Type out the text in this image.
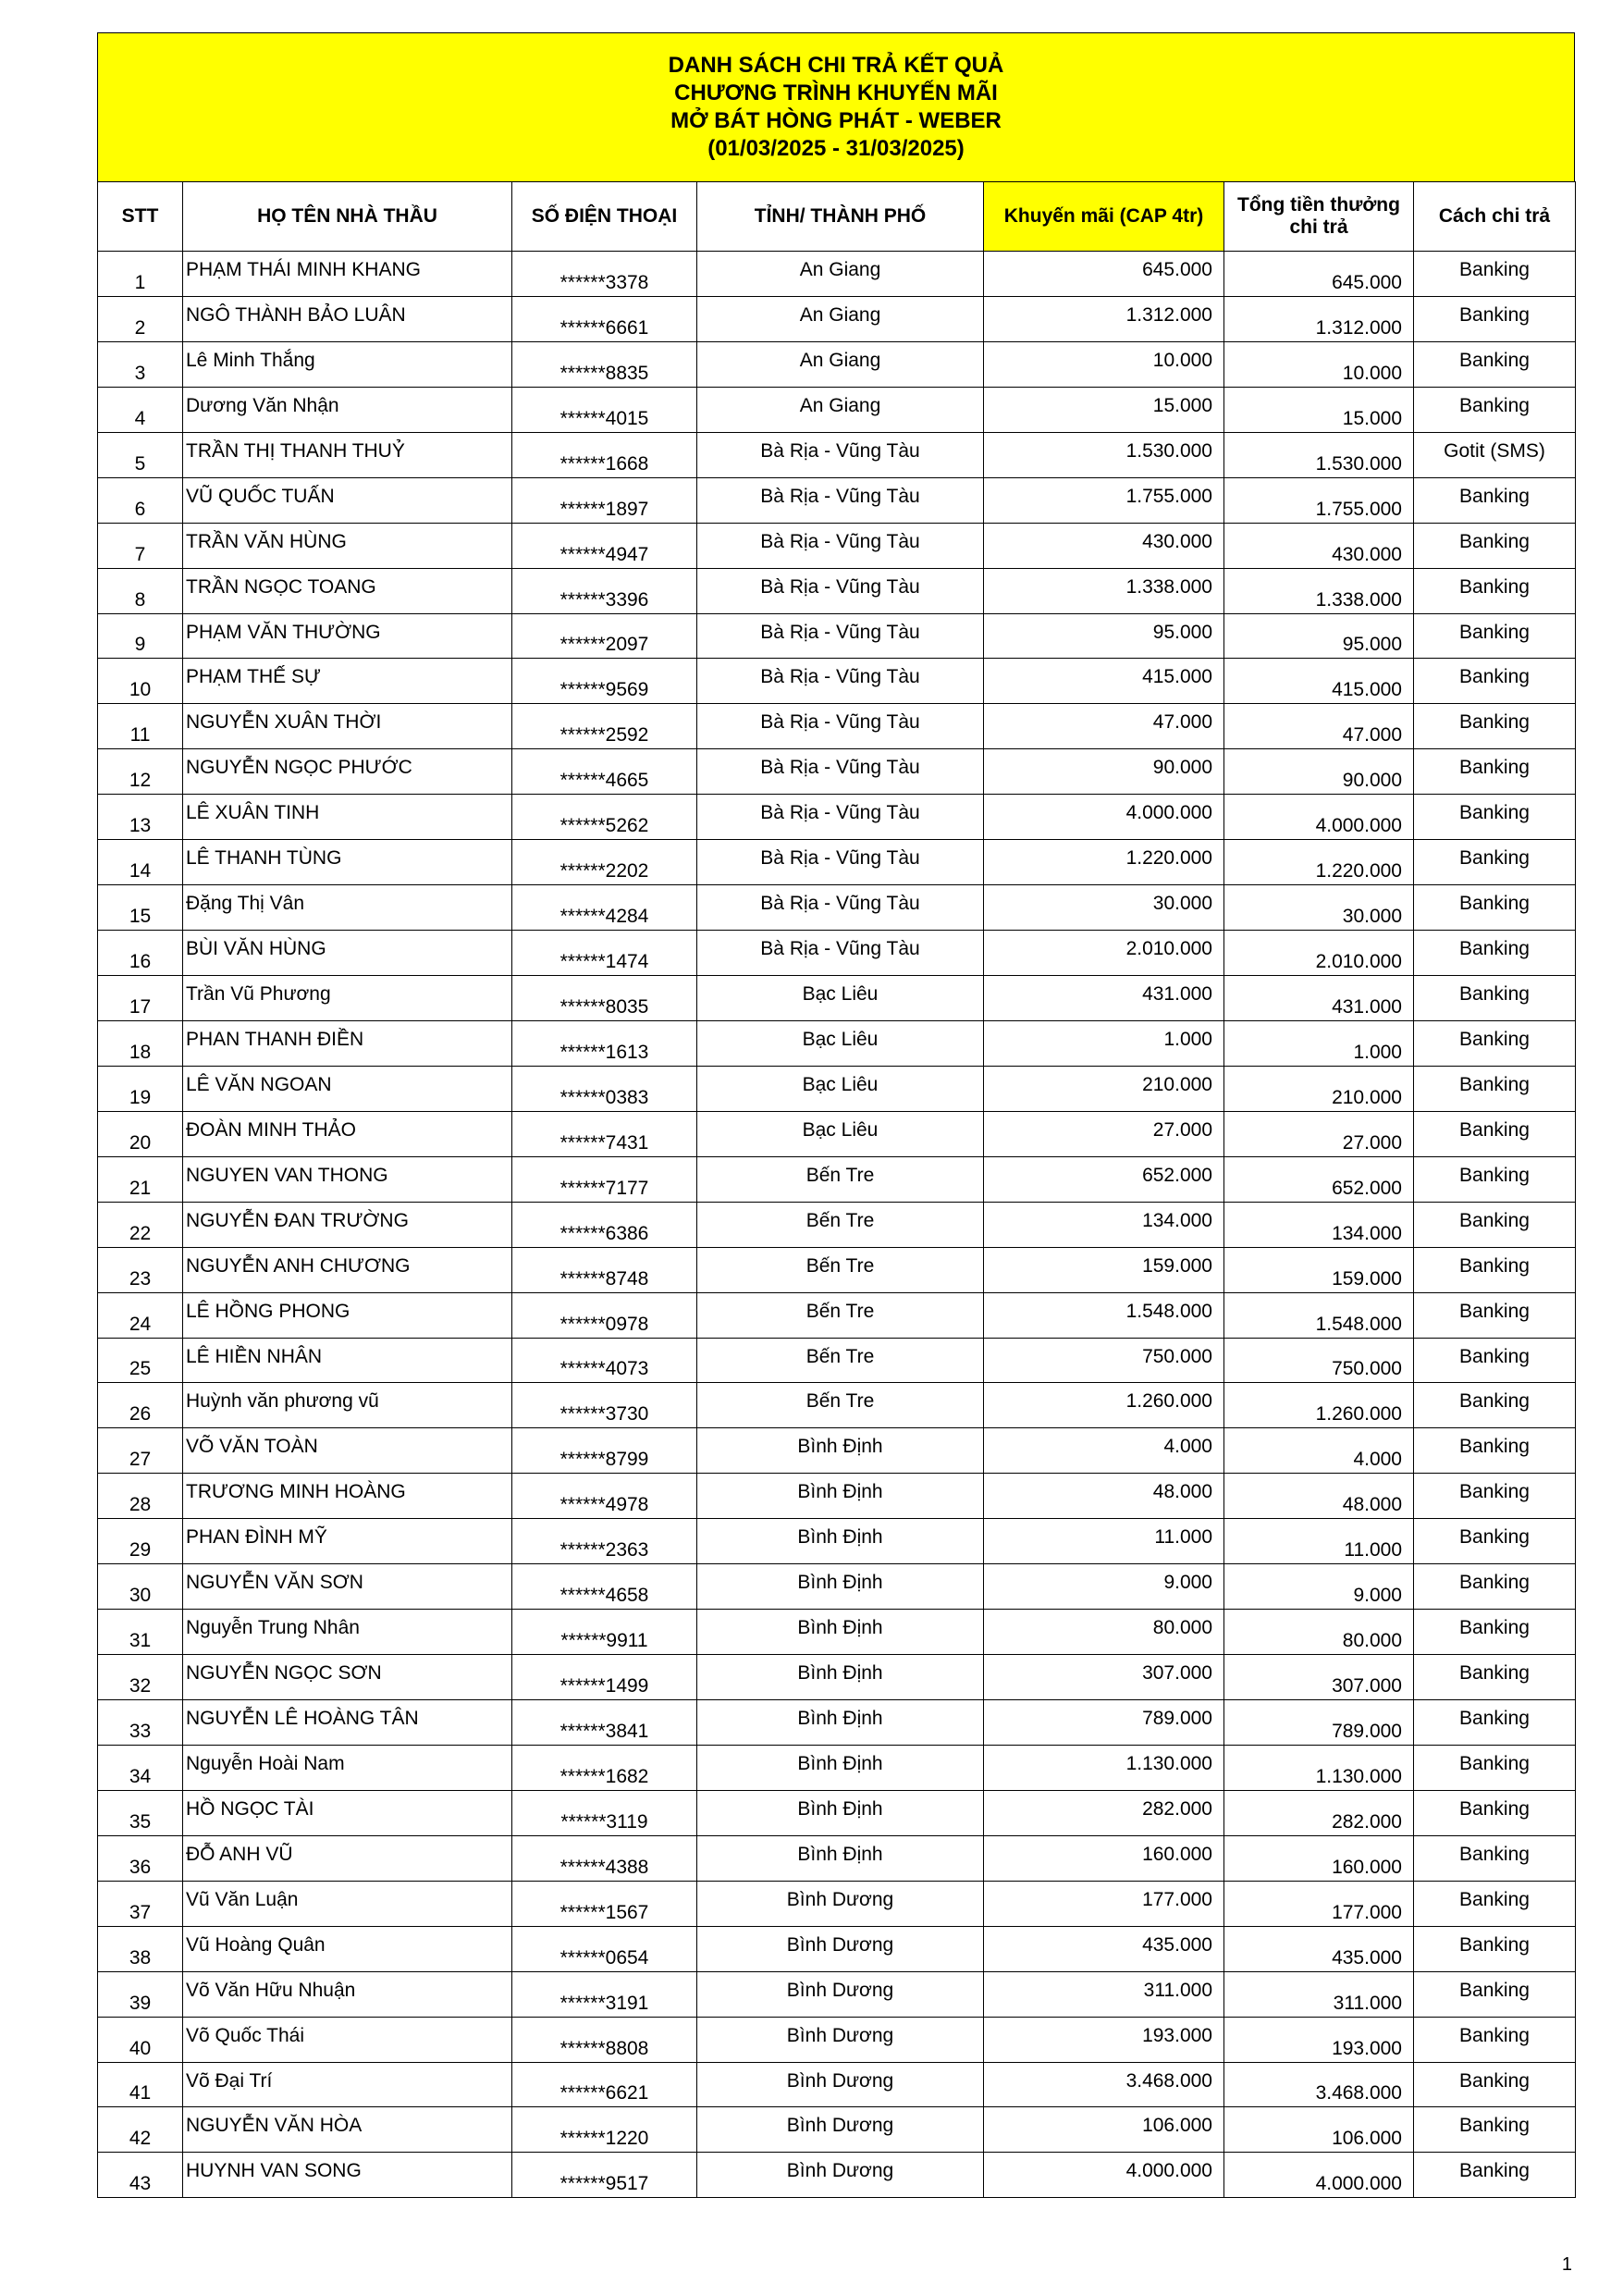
DANH SÁCH CHI TRẢ KẾT QUẢ
CHƯƠNG TRÌNH KHUYẾN MÃI
MỞ BÁT HÒNG PHÁT - WEBER
(01/03/2025 - 31/03/2025)
STT	HỌ TÊN NHÀ THẦU	SỐ ĐIỆN THOẠI	TỈNH/ THÀNH PHỐ	Khuyến mãi (CAP 4tr)	Tổng tiền thưởng chi trả	Cách chi trả
1	PHẠM THÁI MINH KHANG	******3378	An Giang	645.000	645.000	Banking
2	NGÔ THÀNH BẢO LUÂN	******6661	An Giang	1.312.000	1.312.000	Banking
3	Lê Minh Thắng	******8835	An Giang	10.000	10.000	Banking
4	Dương Văn Nhận	******4015	An Giang	15.000	15.000	Banking
5	TRẦN THỊ THANH THUỶ	******1668	Bà Rịa - Vũng Tàu	1.530.000	1.530.000	Gotit (SMS)
6	VŨ QUỐC TUẤN	******1897	Bà Rịa - Vũng Tàu	1.755.000	1.755.000	Banking
7	TRẦN VĂN HÙNG	******4947	Bà Rịa - Vũng Tàu	430.000	430.000	Banking
8	TRẦN NGỌC TOANG	******3396	Bà Rịa - Vũng Tàu	1.338.000	1.338.000	Banking
9	PHẠM VĂN THƯỜNG	******2097	Bà Rịa - Vũng Tàu	95.000	95.000	Banking
10	PHẠM THẾ SỰ	******9569	Bà Rịa - Vũng Tàu	415.000	415.000	Banking
11	NGUYỄN XUÂN THỜI	******2592	Bà Rịa - Vũng Tàu	47.000	47.000	Banking
12	NGUYỄN NGỌC PHƯỚC	******4665	Bà Rịa - Vũng Tàu	90.000	90.000	Banking
13	LÊ XUÂN TINH	******5262	Bà Rịa - Vũng Tàu	4.000.000	4.000.000	Banking
14	LÊ THANH TÙNG	******2202	Bà Rịa - Vũng Tàu	1.220.000	1.220.000	Banking
15	Đặng Thị Vân	******4284	Bà Rịa - Vũng Tàu	30.000	30.000	Banking
16	BÙI VĂN HÙNG	******1474	Bà Rịa - Vũng Tàu	2.010.000	2.010.000	Banking
17	Trần Vũ Phương	******8035	Bạc Liêu	431.000	431.000	Banking
18	PHAN THANH ĐIỀN	******1613	Bạc Liêu	1.000	1.000	Banking
19	LÊ VĂN NGOAN	******0383	Bạc Liêu	210.000	210.000	Banking
20	ĐOÀN MINH THẢO	******7431	Bạc Liêu	27.000	27.000	Banking
21	NGUYEN VAN THONG	******7177	Bến Tre	652.000	652.000	Banking
22	NGUYỄN ĐAN TRƯỜNG	******6386	Bến Tre	134.000	134.000	Banking
23	NGUYỄN ANH CHƯƠNG	******8748	Bến Tre	159.000	159.000	Banking
24	LÊ HỒNG PHONG	******0978	Bến Tre	1.548.000	1.548.000	Banking
25	LÊ HIỀN NHÂN	******4073	Bến Tre	750.000	750.000	Banking
26	Huỳnh văn phương vũ	******3730	Bến Tre	1.260.000	1.260.000	Banking
27	VÕ VĂN TOÀN	******8799	Bình Định	4.000	4.000	Banking
28	TRƯƠNG MINH HOÀNG	******4978	Bình Định	48.000	48.000	Banking
29	PHAN ĐÌNH MỸ	******2363	Bình Định	11.000	11.000	Banking
30	NGUYỄN VĂN SƠN	******4658	Bình Định	9.000	9.000	Banking
31	Nguyễn Trung Nhân	******9911	Bình Định	80.000	80.000	Banking
32	NGUYỄN NGỌC SƠN	******1499	Bình Định	307.000	307.000	Banking
33	NGUYỄN LÊ HOÀNG TÂN	******3841	Bình Định	789.000	789.000	Banking
34	Nguyễn Hoài Nam	******1682	Bình Định	1.130.000	1.130.000	Banking
35	HỒ NGỌC TÀI	******3119	Bình Định	282.000	282.000	Banking
36	ĐỖ ANH VŨ	******4388	Bình Định	160.000	160.000	Banking
37	Vũ Văn Luận	******1567	Bình Dương	177.000	177.000	Banking
38	Vũ Hoàng Quân	******0654	Bình Dương	435.000	435.000	Banking
39	Võ Văn Hữu Nhuận	******3191	Bình Dương	311.000	311.000	Banking
40	Võ Quốc Thái	******8808	Bình Dương	193.000	193.000	Banking
41	Võ Đại Trí	******6621	Bình Dương	3.468.000	3.468.000	Banking
42	NGUYỄN VĂN HÒA	******1220	Bình Dương	106.000	106.000	Banking
43	HUYNH VAN SONG	******9517	Bình Dương	4.000.000	4.000.000	Banking
1
